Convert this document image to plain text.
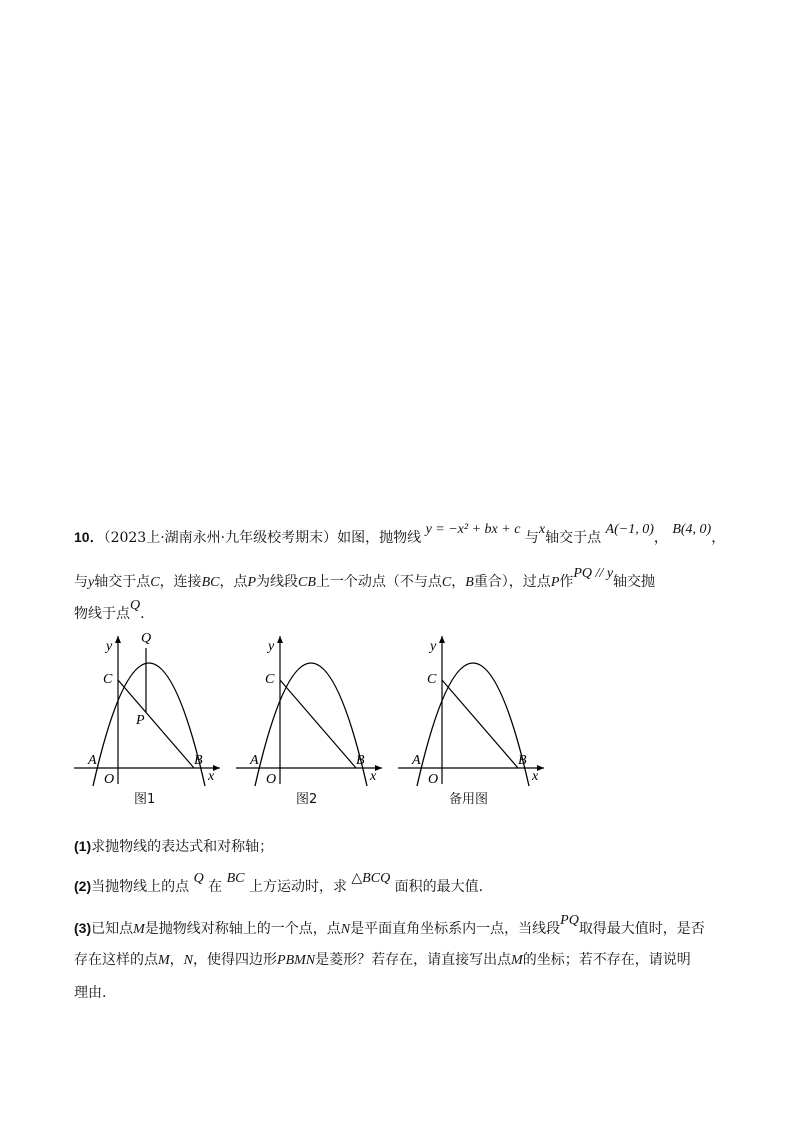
10．（2023上·湖南永州·九年级校考期末）如图，抛物线 y = −x² + bx + c 与x轴交于点 A(−1, 0)， B(4, 0)，
与y轴交于点C，连接BC，点P为线段CB上一个动点（不与点C，B重合），过点P作PQ // y轴交抛
物线于点Q.
y
x
O
A	B
C
P
Q
图1
y
x
O
A	B
C
图2
y
x
O
A	B
C
备用图
(1)求抛物线的表达式和对称轴；
(2)当抛物线上的点 Q 在 BC 上方运动时，求 △BCQ 面积的最大值.
(3)已知点M是抛物线对称轴上的一个点，点N是平面直角坐标系内一点，当线段PQ取得最大值时，是否
存在这样的点M，N，使得四边形PBMN是菱形？若存在，请直接写出点M的坐标；若不存在，请说明
理由.
